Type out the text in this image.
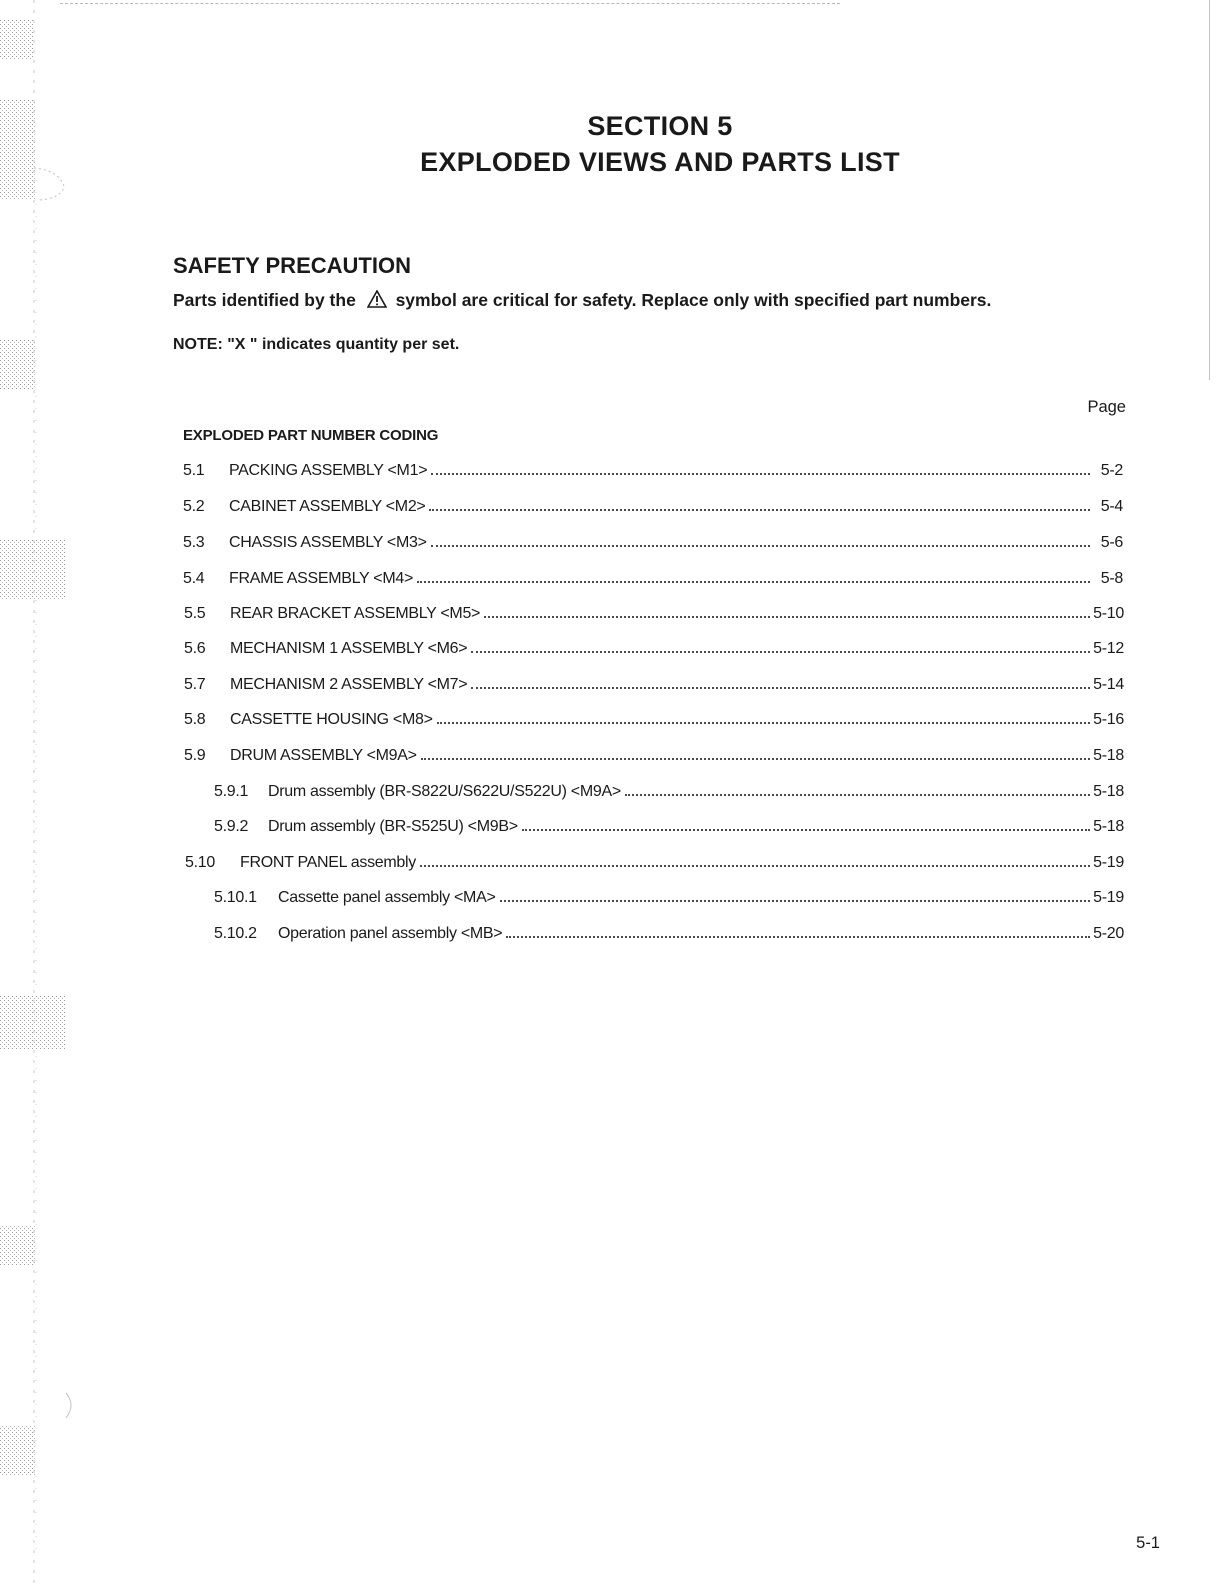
SECTION 5
EXPLODED VIEWS AND PARTS LIST
SAFETY PRECAUTION
Parts identified by the symbol are critical for safety. Replace only with specified part numbers.
NOTE: "X " indicates quantity per set.
Page
EXPLODED PART NUMBER CODING
5.1	PACKING ASSEMBLY <M1>	5-2
5.2	CABINET ASSEMBLY <M2>	5-4
5.3	CHASSIS ASSEMBLY <M3>	5-6
5.4	FRAME ASSEMBLY <M4>	5-8
5.5	REAR BRACKET ASSEMBLY <M5>	5-10
5.6	MECHANISM 1 ASSEMBLY <M6>	5-12
5.7	MECHANISM 2 ASSEMBLY <M7>	5-14
5.8	CASSETTE HOUSING <M8>	5-16
5.9	DRUM ASSEMBLY <M9A>	5-18
5.9.1	Drum assembly (BR-S822U/S622U/S522U) <M9A>	5-18
5.9.2	Drum assembly (BR-S525U) <M9B>	5-18
5.10	FRONT PANEL assembly	5-19
5.10.1	Cassette panel assembly <MA>	5-19
5.10.2	Operation panel assembly <MB>	5-20
5-1
